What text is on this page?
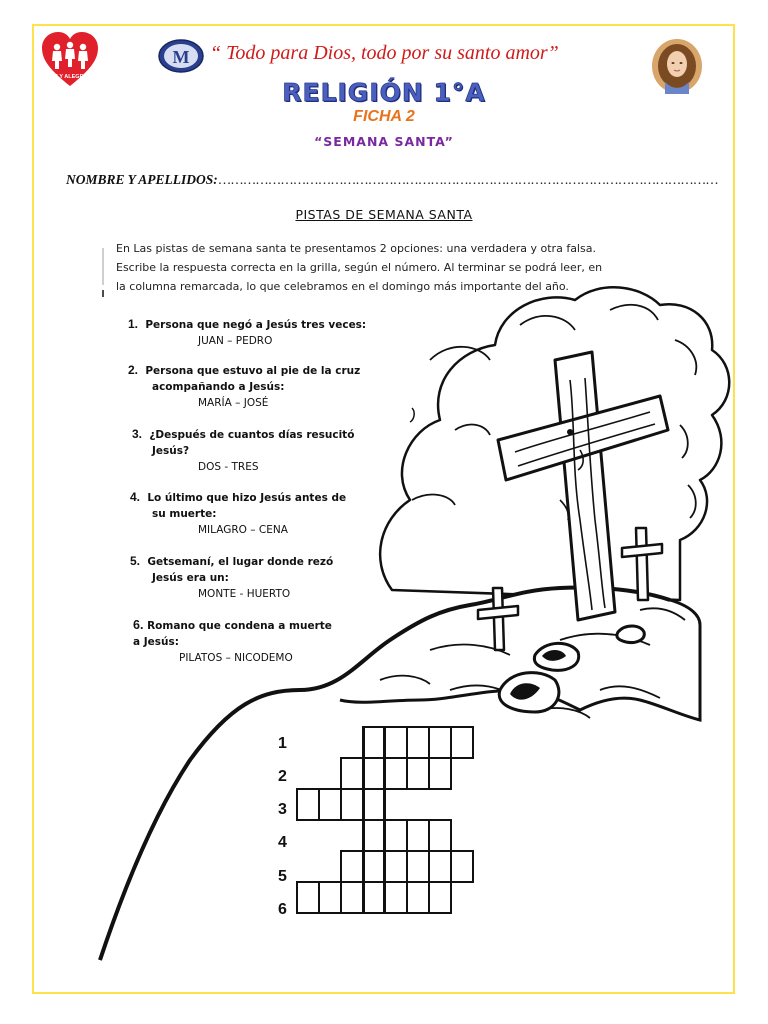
FE Y ALEGRIA
M “ Todo para Dios, todo por su santo amor”
RELIGIÓN 1°A
FICHA 2
“SEMANA SANTA”
NOMBRE Y APELLIDOS:…………………………………………………………………………………………………………
PISTAS DE SEMANA SANTA
En Las pistas de semana santa te presentamos 2 opciones: una verdadera y otra falsa.
Escribe la respuesta correcta en la grilla, según el número. Al terminar se podrá leer, en
la columna remarcada, lo que celebramos en el domingo más importante del año.
1. Persona que negó a Jesús tres veces:
JUAN – PEDRO
2. Persona que estuvo al pie de la cruz
acompañando a Jesús:
MARÍA – JOSÉ
3. ¿Después de cuantos días resucitó
Jesús?
DOS - TRES
4. Lo último que hizo Jesús antes de
su muerte:
MILAGRO – CENA
5. Getsemaní, el lugar donde rezó
Jesús era un:
MONTE - HUERTO
6. Romano que condena a muerte
a Jesús:
PILATOS – NICODEMO
1
2
3
4
5
6
